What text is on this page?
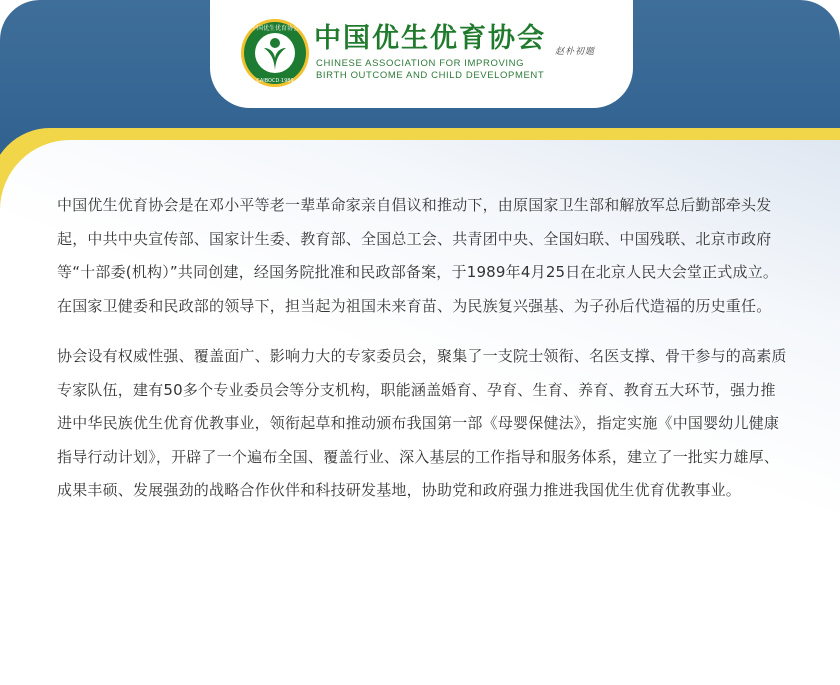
中国优生优育协会
CAIBOCD·1989
中国优生优育协会 赵朴初题

CHINESE ASSOCIATION FOR IMPROVING
BIRTH OUTCOME AND CHILD DEVELOPMENT

中国优生优育协会是在邓小平等老一辈革命家亲自倡议和推动下，由原国家卫生部和解放军总后勤部牵头发起，中共中央宣传部、国家计生委、教育部、全国总工会、共青团中央、全国妇联、中国残联、北京市政府等“十部委(机构）”共同创建，经国务院批准和民政部备案，于1989年4月25日在北京人民大会堂正式成立。在国家卫健委和民政部的领导下，担当起为祖国未来育苗、为民族复兴强基、为子孙后代造福的历史重任。

协会设有权威性强、覆盖面广、影响力大的专家委员会，聚集了一支院士领衔、名医支撑、骨干参与的高素质专家队伍，建有50多个专业委员会等分支机构，职能涵盖婚育、孕育、生育、养育、教育五大环节，强力推进中华民族优生优育优教事业，领衔起草和推动颁布我国第一部《母婴保健法》，指定实施《中国婴幼儿健康指导行动计划》，开辟了一个遍布全国、覆盖行业、深入基层的工作指导和服务体系，建立了一批实力雄厚、成果丰硕、发展强劲的战略合作伙伴和科技研发基地，协助党和政府强力推进我国优生优育优教事业。
